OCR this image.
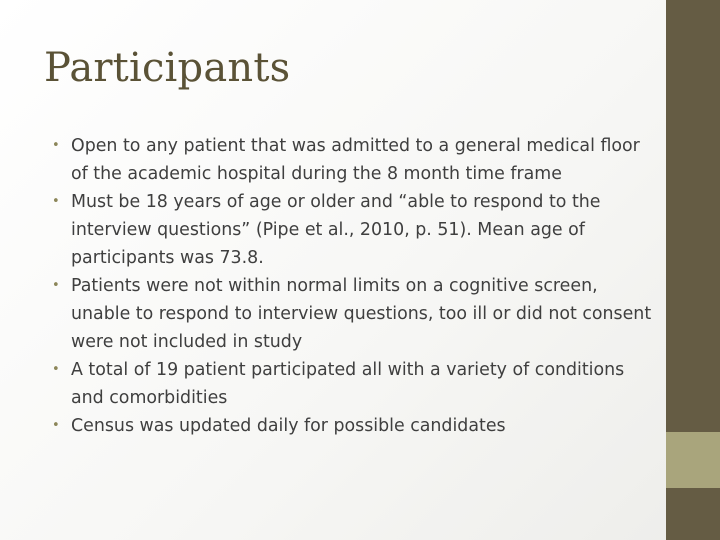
Participants
• Open to any patient that was admitted to a general medical floor of the academic hospital during the 8 month time frame
• Must be 18 years of age or older and “able to respond to the interview questions” (Pipe et al., 2010, p. 51). Mean age of participants was 73.8.
• Patients were not within normal limits on a cognitive screen, unable to respond to interview questions, too ill or did not consent were not included in study
• A total of 19 patient participated all with a variety of conditions and comorbidities
• Census was updated daily for possible candidates
